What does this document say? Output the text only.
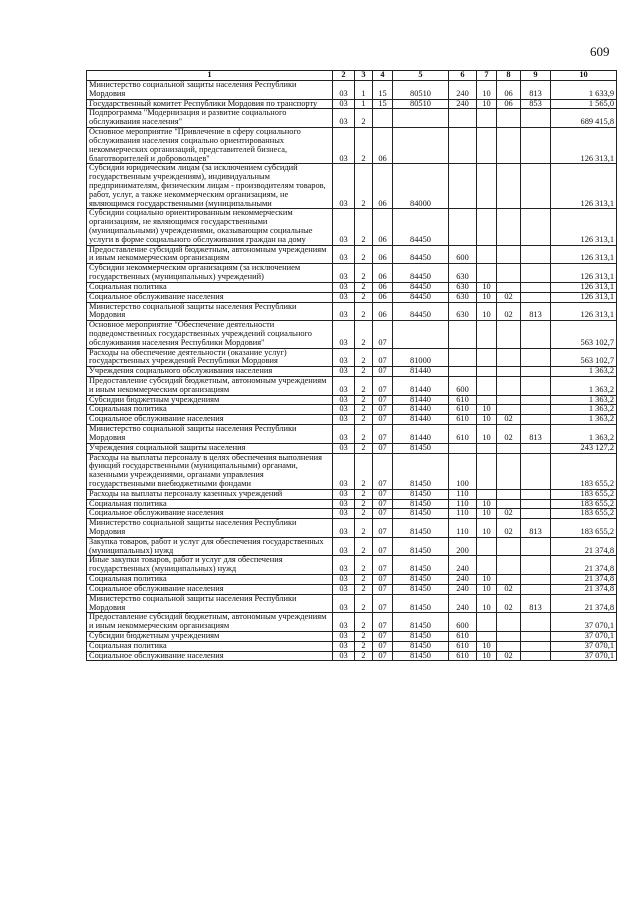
609
1	2	3	4	5	6	7	8	9	10
Министерство социальной защиты населения Республики Мордовия	03	1	15	80510	240	10	06	813	1 633,9
Государственный комитет Республики Мордовия по транспорту	03	1	15	80510	240	10	06	853	1 565,0
Подпрограмма "Модернизация и развитие социального обслуживания населения"	03	2							689 415,8
Основное мероприятие "Привлечение в сферу социального обслуживания населения социально ориентированных некоммерческих организаций, представителей бизнеса, благотворителей и добровольцев"	03	2	06						126 313,1
Субсидии юридическим лицам (за исключением субсидий государственным учреждениям), индивидуальным предпринимателям, физическим лицам - производителям товаров, работ, услуг, а также некоммерческим организациям, не являющимся государственными (муниципальными	03	2	06	84000					126 313,1
Субсидии социально ориентированным некоммерческим организациям, не являющимся государственными (муниципальными) учреждениями, оказывающим социальные услуги в форме социального обслуживания граждан на дому	03	2	06	84450					126 313,1
Предоставление субсидий бюджетным, автономным учреждениям и иным некоммерческим организациям	03	2	06	84450	600				126 313,1
Субсидии некоммерческим организациям (за исключением государственных (муниципальных) учреждений)	03	2	06	84450	630				126 313,1
Социальная политика	03	2	06	84450	630	10			126 313,1
Социальное обслуживание населения	03	2	06	84450	630	10	02		126 313,1
Министерство социальной защиты населения Республики Мордовия	03	2	06	84450	630	10	02	813	126 313,1
Основное мероприятие "Обеспечение деятельности подведомственных государственных учреждений социального обслуживания населения Республики Мордовия"	03	2	07						563 102,7
Расходы на обеспечение деятельности (оказание услуг) государственных учреждений Республики Мордовия	03	2	07	81000					563 102,7
Учреждения социального обслуживания населения	03	2	07	81440					1 363,2
Предоставление субсидий бюджетным, автономным учреждениям и иным некоммерческим организациям	03	2	07	81440	600				1 363,2
Субсидии бюджетным учреждениям	03	2	07	81440	610				1 363,2
Социальная политика	03	2	07	81440	610	10			1 363,2
Социальное обслуживание населения	03	2	07	81440	610	10	02		1 363,2
Министерство социальной защиты населения Республики Мордовия	03	2	07	81440	610	10	02	813	1 363,2
Учреждения социальной защиты населения	03	2	07	81450					243 127,2
Расходы на выплаты персоналу в целях обеспечения выполнения функций государственными (муниципальными) органами, казенными учреждениями, органами управления государственными внебюджетными фондами	03	2	07	81450	100				183 655,2
Расходы на выплаты персоналу казенных учреждений	03	2	07	81450	110				183 655,2
Социальная политика	03	2	07	81450	110	10			183 655,2
Социальное обслуживание населения	03	2	07	81450	110	10	02		183 655,2
Министерство социальной защиты населения Республики Мордовия	03	2	07	81450	110	10	02	813	183 655,2
Закупка товаров, работ и услуг для обеспечения государственных (муниципальных) нужд	03	2	07	81450	200				21 374,8
Иные закупки товаров, работ и услуг для обеспечения государственных (муниципальных) нужд	03	2	07	81450	240				21 374,8
Социальная политика	03	2	07	81450	240	10			21 374,8
Социальное обслуживание населения	03	2	07	81450	240	10	02		21 374,8
Министерство социальной защиты населения Республики Мордовия	03	2	07	81450	240	10	02	813	21 374,8
Предоставление субсидий бюджетным, автономным учреждениям и иным некоммерческим организациям	03	2	07	81450	600				37 070,1
Субсидии бюджетным учреждениям	03	2	07	81450	610				37 070,1
Социальная политика	03	2	07	81450	610	10			37 070,1
Социальное обслуживание населения	03	2	07	81450	610	10	02		37 070,1
